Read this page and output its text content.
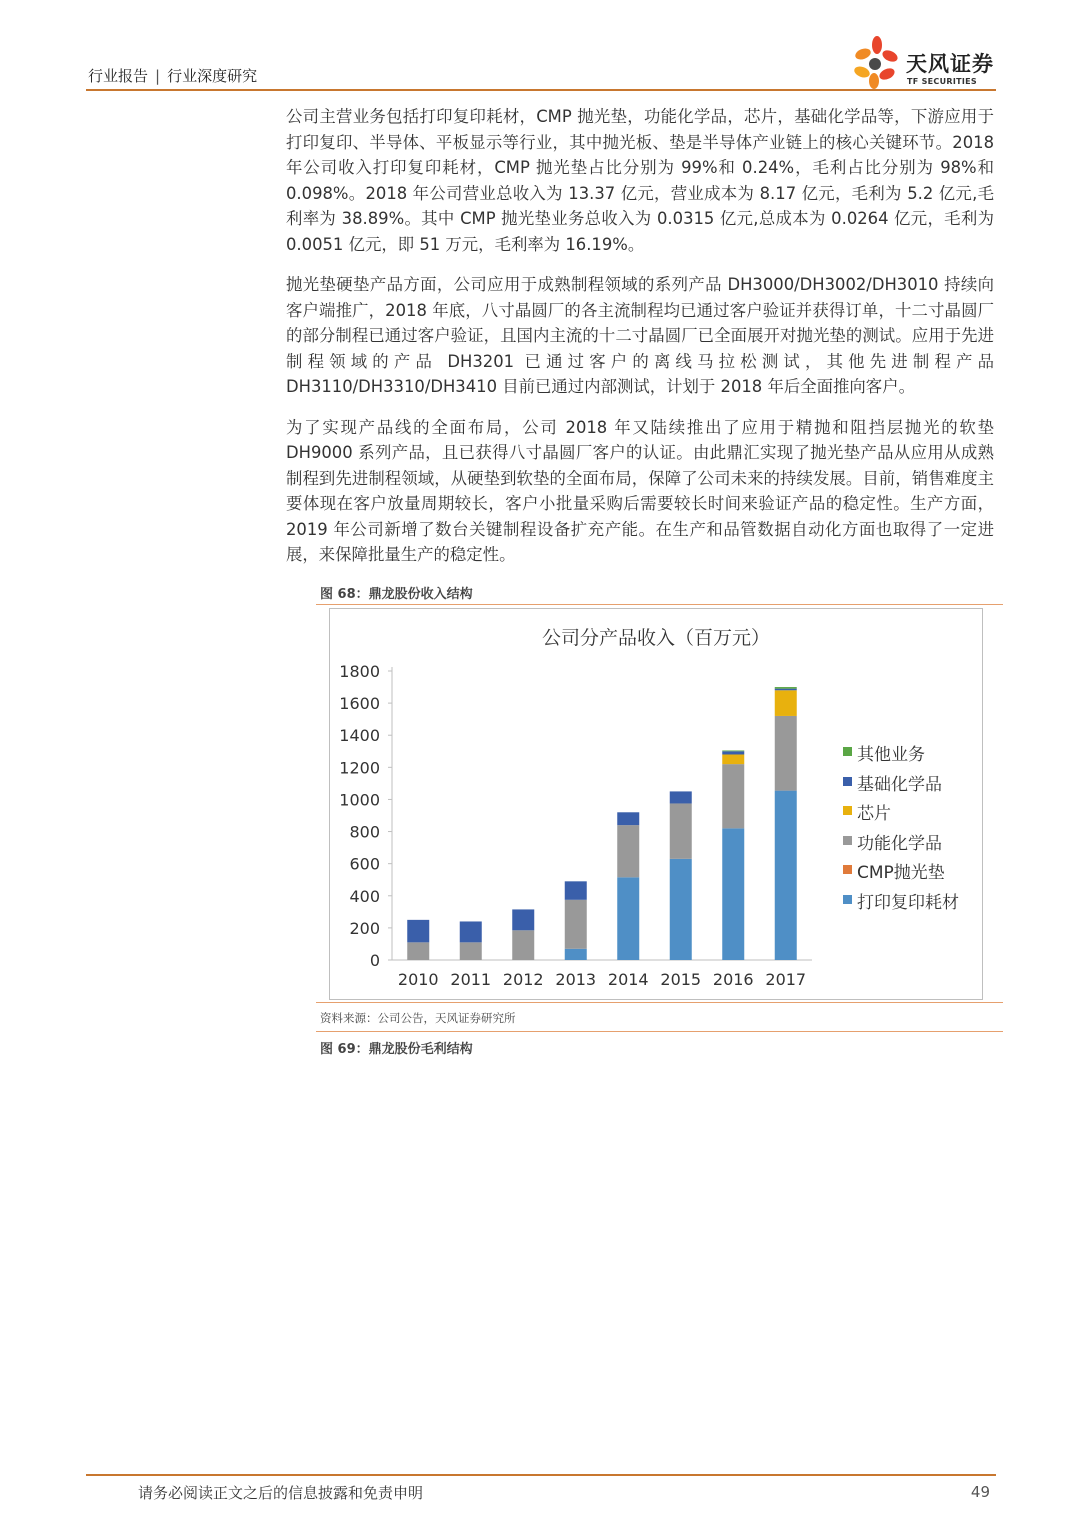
行业报告 | 行业深度研究	天风证券
TF SECURITIES

公司主营业务包括打印复印耗材，CMP 抛光垫，功能化学品，芯片，基础化学品等，下游应用于打印复印、半导体、平板显示等行业，其中抛光板、垫是半导体产业链上的核心关键环节。2018 年公司收入打印复印耗材，CMP 抛光垫占比分别为 99%和 0.24%，毛利占比分别为 98%和 0.098%。2018 年公司营业总收入为 13.37 亿元，营业成本为 8.17 亿元，毛利为 5.2 亿元,毛利率为 38.89%。其中 CMP 抛光垫业务总收入为 0.0315 亿元,总成本为 0.0264 亿元，毛利为 0.0051 亿元，即 51 万元，毛利率为 16.19%。

抛光垫硬垫产品方面，公司应用于成熟制程领域的系列产品 DH3000/DH3002/DH3010 持续向客户端推广，2018 年底，八寸晶圆厂的各主流制程均已通过客户验证并获得订单，十二寸晶圆厂的部分制程已通过客户验证，且国内主流的十二寸晶圆厂已全面展开对抛光垫的测试。应用于先进制程领域的产品 DH3201 已通过客户的离线马拉松测试，其他先进制程产品 DH3110/DH3310/DH3410 目前已通过内部测试，计划于 2018 年后全面推向客户。

为了实现产品线的全面布局，公司 2018 年又陆续推出了应用于精抛和阻挡层抛光的软垫DH9000 系列产品，且已获得八寸晶圆厂客户的认证。由此鼎汇实现了抛光垫产品从应用从成熟制程到先进制程领域，从硬垫到软垫的全面布局，保障了公司未来的持续发展。目前，销售难度主要体现在客户放量周期较长，客户小批量采购后需要较长时间来验证产品的稳定性。生产方面，2019 年公司新增了数台关键制程设备扩充产能。在生产和品管数据自动化方面也取得了一定进展，来保障批量生产的稳定性。

图 68：鼎龙股份收入结构
公司分产品收入（百万元）
0
200
400
600
800
1000
1200
1400
1600
1800
2010 2011 2012 2013 2014 2015 2016 2017
其他业务
基础化学品
芯片
功能化学品
CMP抛光垫
打印复印耗材
资料来源：公司公告，天风证券研究所
图 69：鼎龙股份毛利结构
请务必阅读正文之后的信息披露和免责申明	49
